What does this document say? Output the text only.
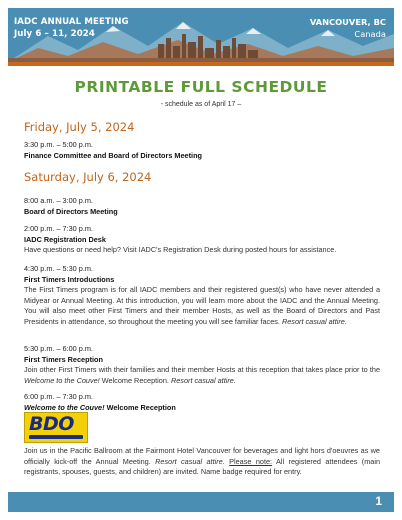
IADC ANNUAL MEETING
July 6 – 11, 2024
VANCOUVER, BC
Canada
PRINTABLE FULL SCHEDULE
- schedule as of April 17 –
Friday, July 5, 2024
3:30 p.m. – 5:00 p.m.
Finance Committee and Board of Directors Meeting
Saturday, July 6, 2024
8:00 a.m. – 3:00 p.m.
Board of Directors Meeting
2:00 p.m. – 7:30 p.m.
IADC Registration Desk
Have questions or need help? Visit IADC's Registration Desk during posted hours for assistance.
4:30 p.m. – 5:30 p.m.
First Timers Introductions
The First Timers program is for all IADC members and their registered guest(s) who have never attended a Midyear or Annual Meeting. At this introduction, you will learn more about the IADC and the Annual Meeting. You will also meet other First Timers and their member Hosts, as well as the Board of Directors and Past Presidents in attendance, so throughout the meeting you will see familiar faces. Resort casual attire.
5:30 p.m. – 6:00 p.m.
First Timers Reception
Join other First Timers with their families and their member Hosts at this reception that takes place prior to the Welcome to the Couve! Welcome Reception. Resort casual attire.
6:00 p.m. – 7:30 p.m.
Welcome to the Couve! Welcome Reception
BDO
Join us in the Pacific Ballroom at the Fairmont Hotel Vancouver for beverages and light hors d'oeuvres as we officially kick-off the Annual Meeting. Resort casual attire. Please note: All registered attendees (main registrants, spouses, guests, and children) are invited. Name badge required for entry.
1
